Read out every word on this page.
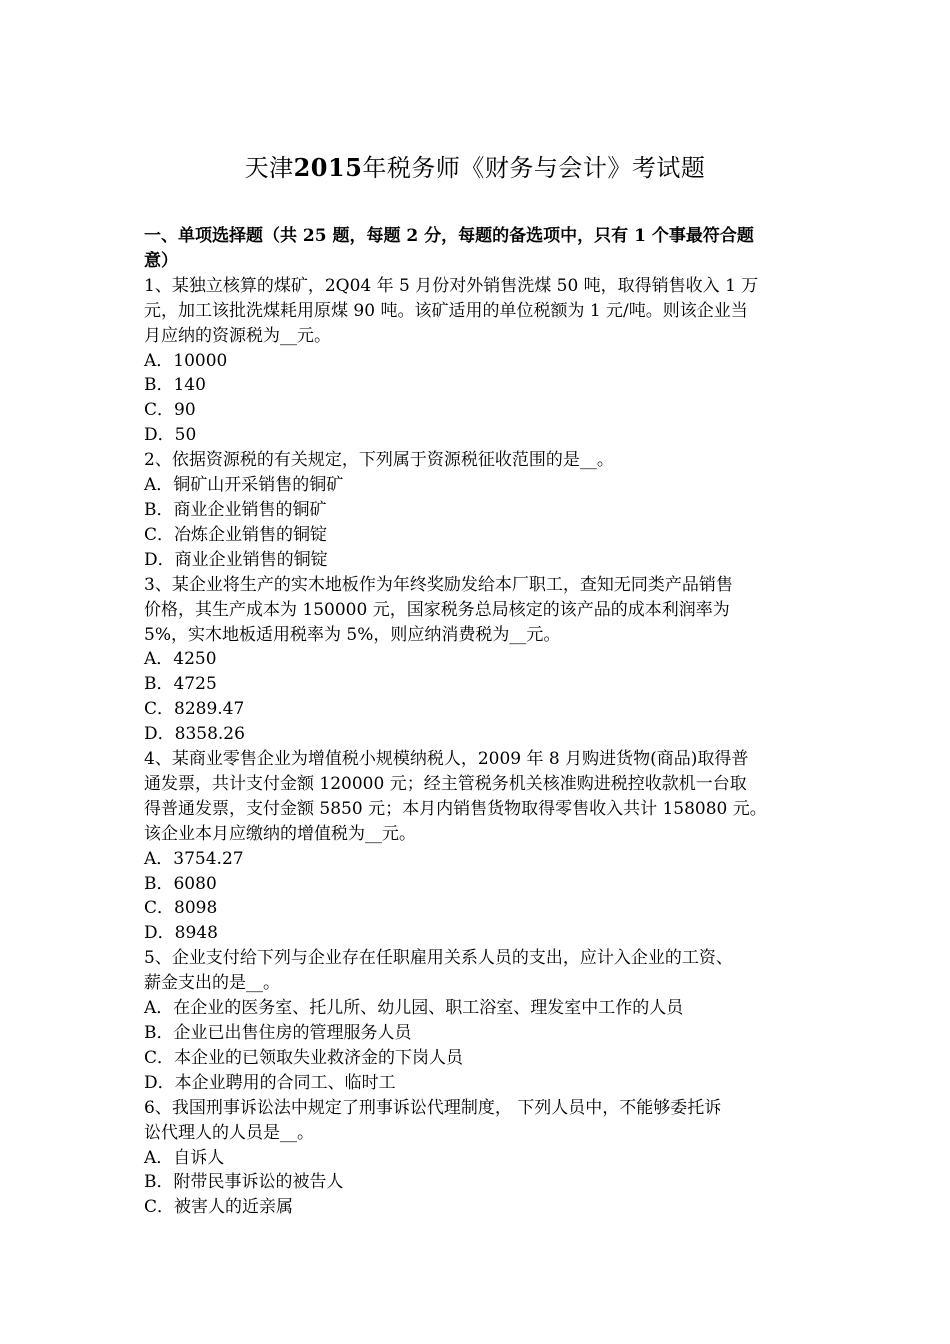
天津2015年税务师《财务与会计》考试题
一、单项选择题（共 25 题，每题 2 分，每题的备选项中，只有 1 个事最符合题
意）
1、某独立核算的煤矿，2Q04 年 5 月份对外销售洗煤 50 吨，取得销售收入 1 万
元，加工该批洗煤耗用原煤 90 吨。该矿适用的单位税额为 1 元/吨。则该企业当
月应纳的资源税为__元。
A．10000
B．140
C．90
D．50
2、依据资源税的有关规定，下列属于资源税征收范围的是__。
A．铜矿山开采销售的铜矿
B．商业企业销售的铜矿
C．冶炼企业销售的铜锭
D．商业企业销售的铜锭
3、某企业将生产的实木地板作为年终奖励发给本厂职工，查知无同类产品销售
价格，其生产成本为 150000 元，国家税务总局核定的该产品的成本利润率为
5%，实木地板适用税率为 5%，则应纳消费税为__元。
A．4250
B．4725
C．8289.47
D．8358.26
4、某商业零售企业为增值税小规模纳税人，2009 年 8 月购进货物(商品)取得普
通发票，共计支付金额 120000 元；经主管税务机关核准购进税控收款机一台取
得普通发票，支付金额 5850 元；本月内销售货物取得零售收入共计 158080 元。
该企业本月应缴纳的增值税为__元。
A．3754.27
B．6080
C．8098
D．8948
5、企业支付给下列与企业存在任职雇用关系人员的支出，应计入企业的工资、
薪金支出的是__。
A．在企业的医务室、托儿所、幼儿园、职工浴室、理发室中工作的人员
B．企业已出售住房的管理服务人员
C．本企业的已领取失业救济金的下岗人员
D．本企业聘用的合同工、临时工
6、我国刑事诉讼法中规定了刑事诉讼代理制度， 下列人员中，不能够委托诉
讼代理人的人员是__。
A．自诉人
B．附带民事诉讼的被告人
C．被害人的近亲属
